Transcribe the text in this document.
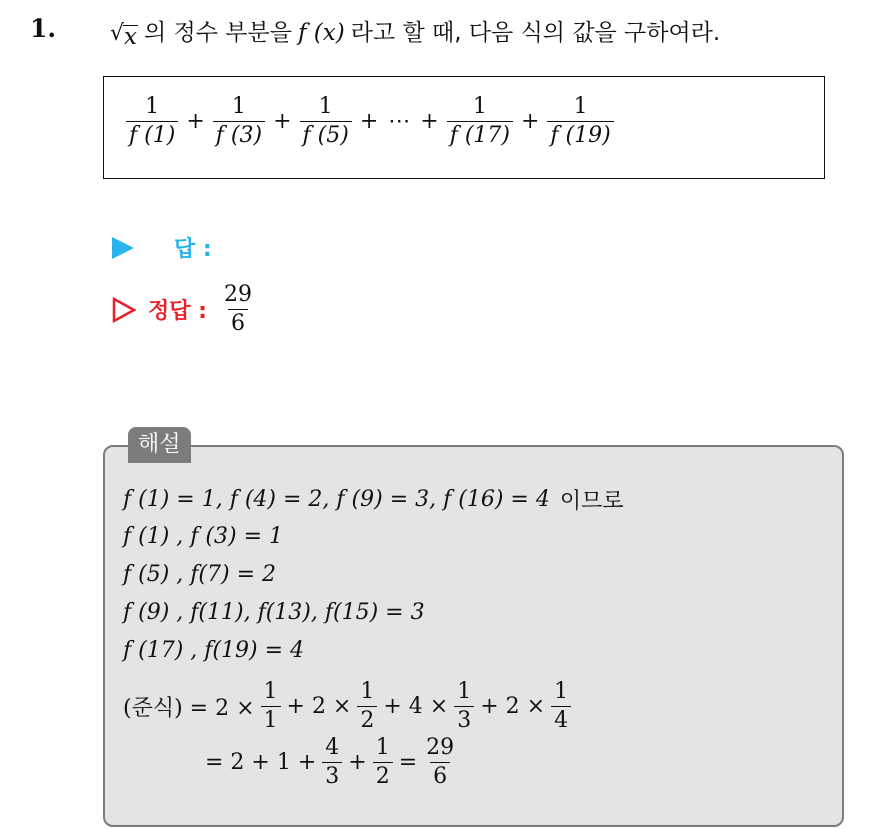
1. √ x 의 정수 부분을 f (x) 라고 할 때, 다음 식의 값을 구하여라.
$\frac{1}{f (1)} + \frac{1}{f (3)} + \frac{1}{f (5)}$ + ⋯ + $\frac{1}{f (17)} + \frac{1}{f (19)}$
답 :
정답 : $\frac{29}{6}$
해설
f (1) = 1, f (4) = 2, f (9) = 3, f (16) = 4 이므로
f (1) , f (3) = 1
f (5) , f(7) = 2
f (9) , f(11), f(13), f(15) = 3
f (17) , f(19) = 4
(준식) = $2 \times \frac{1}{1} + 2 \times \frac{1}{2} + 4 \times \frac{1}{3} + 2 \times \frac{1}{4}$
= $2 + 1 + \frac{4}{3} + \frac{1}{2} = \frac{29}{6}$
